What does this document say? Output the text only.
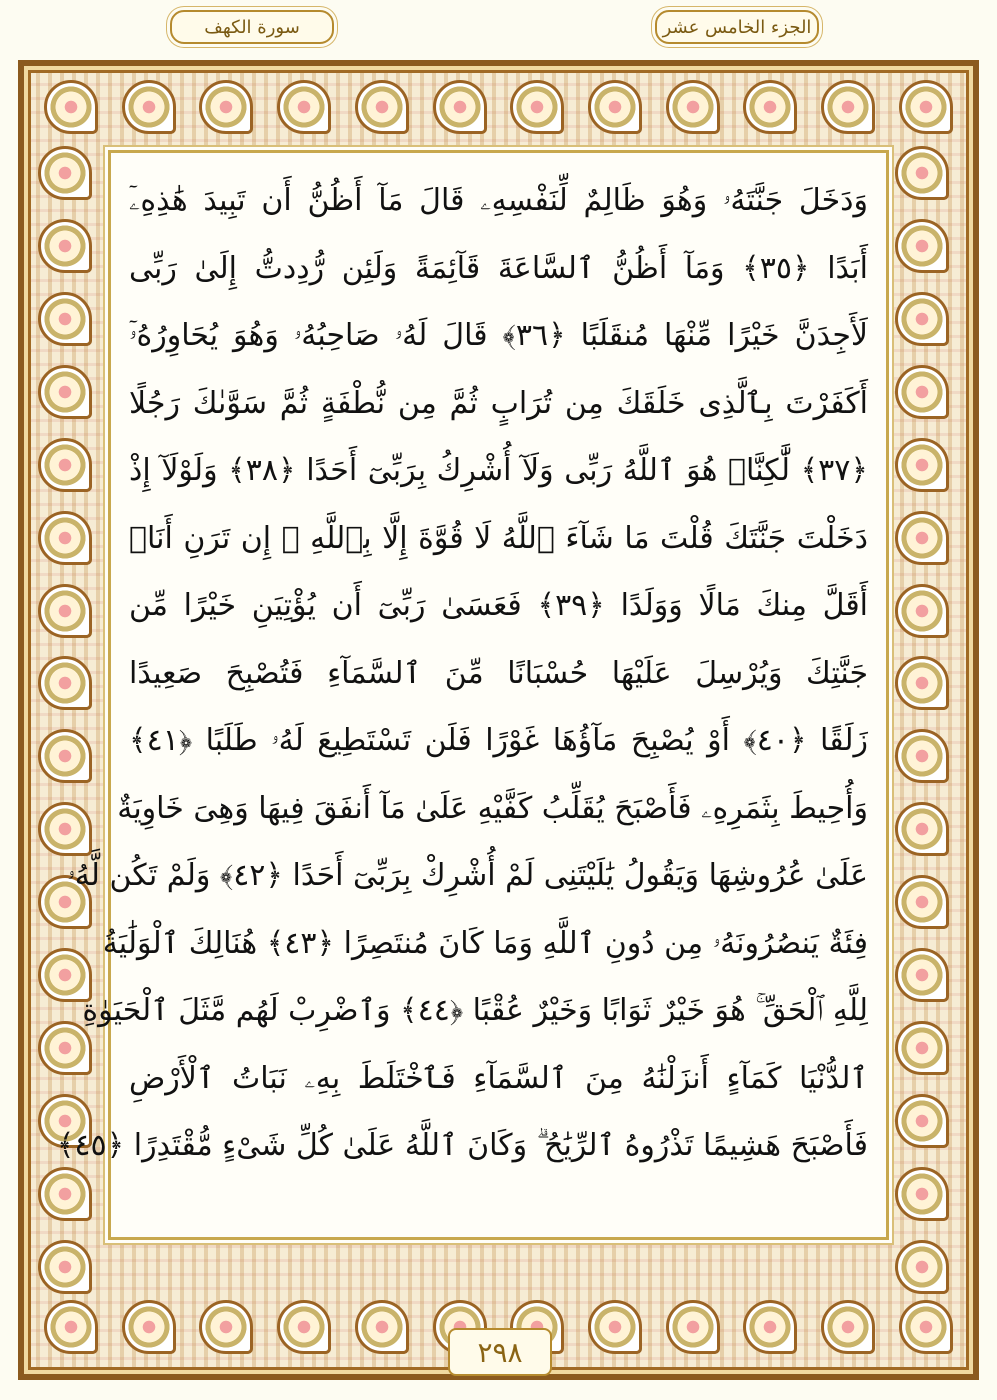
سورة الكهف	الجزء الخامس عشر
وَدَخَلَ جَنَّتَهُۥ وَهُوَ ظَالِمٌ لِّنَفْسِهِۦ قَالَ مَآ أَظُنُّ أَن تَبِيدَ هَٰذِهِۦٓ
أَبَدًا ﴿٣٥﴾ وَمَآ أَظُنُّ ٱلسَّاعَةَ قَآئِمَةً وَلَئِن رُّدِدتُّ إِلَىٰ رَبِّى
لَأَجِدَنَّ خَيْرًا مِّنْهَا مُنقَلَبًا ﴿٣٦﴾ قَالَ لَهُۥ صَاحِبُهُۥ وَهُوَ يُحَاوِرُهُۥٓ
أَكَفَرْتَ بِٱلَّذِى خَلَقَكَ مِن تُرَابٍ ثُمَّ مِن نُّطْفَةٍ ثُمَّ سَوَّىٰكَ رَجُلًا
﴿٣٧﴾ لَّٰكِنَّا۠ هُوَ ٱللَّهُ رَبِّى وَلَآ أُشْرِكُ بِرَبِّىٓ أَحَدًا ﴿٣٨﴾ وَلَوْلَآ إِذْ
دَخَلْتَ جَنَّتَكَ قُلْتَ مَا شَآءَ ٱللَّهُ لَا قُوَّةَ إِلَّا بِٱللَّهِ ۚ إِن تَرَنِ أَنَا۠
أَقَلَّ مِنكَ مَالًا وَوَلَدًا ﴿٣٩﴾ فَعَسَىٰ رَبِّىٓ أَن يُؤْتِيَنِ خَيْرًا مِّن
جَنَّتِكَ وَيُرْسِلَ عَلَيْهَا حُسْبَانًا مِّنَ ٱلسَّمَآءِ فَتُصْبِحَ صَعِيدًا
زَلَقًا ﴿٤٠﴾ أَوْ يُصْبِحَ مَآؤُهَا غَوْرًا فَلَن تَسْتَطِيعَ لَهُۥ طَلَبًا ﴿٤١﴾
وَأُحِيطَ بِثَمَرِهِۦ فَأَصْبَحَ يُقَلِّبُ كَفَّيْهِ عَلَىٰ مَآ أَنفَقَ فِيهَا وَهِىَ خَاوِيَةٌ
عَلَىٰ عُرُوشِهَا وَيَقُولُ يَٰلَيْتَنِى لَمْ أُشْرِكْ بِرَبِّىٓ أَحَدًا ﴿٤٢﴾ وَلَمْ تَكُن لَّهُۥ
فِئَةٌ يَنصُرُونَهُۥ مِن دُونِ ٱللَّهِ وَمَا كَانَ مُنتَصِرًا ﴿٤٣﴾ هُنَالِكَ ٱلْوَلَٰيَةُ
لِلَّهِ ٱلْحَقِّ ۚ هُوَ خَيْرٌ ثَوَابًا وَخَيْرٌ عُقْبًا ﴿٤٤﴾ وَٱضْرِبْ لَهُم مَّثَلَ ٱلْحَيَوٰةِ
ٱلدُّنْيَا كَمَآءٍ أَنزَلْنَٰهُ مِنَ ٱلسَّمَآءِ فَٱخْتَلَطَ بِهِۦ نَبَاتُ ٱلْأَرْضِ
فَأَصْبَحَ هَشِيمًا تَذْرُوهُ ٱلرِّيَٰحُ ۗ وَكَانَ ٱللَّهُ عَلَىٰ كُلِّ شَىْءٍ مُّقْتَدِرًا ﴿٤٥﴾
٢٩٨
